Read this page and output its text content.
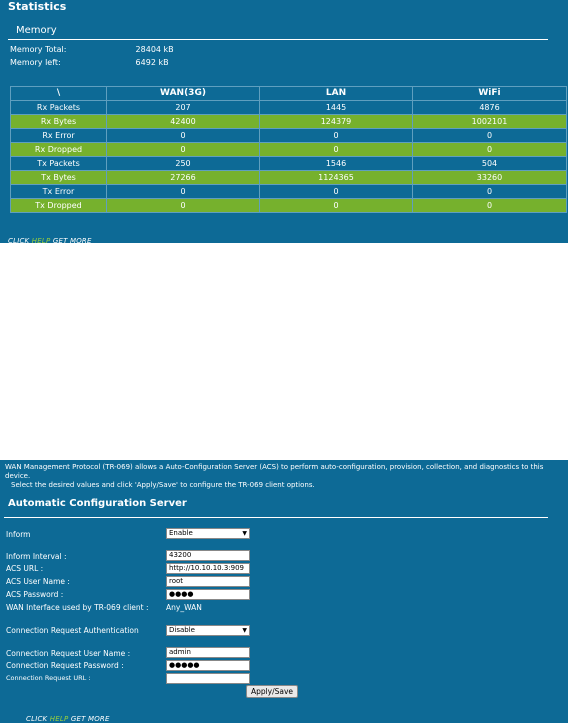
Statistics
Memory
Memory Total:	28404 kB
Memory left:	6492 kB
\	WAN(3G)	LAN	WiFi
Rx Packets	207	1445	4876
Rx Bytes	42400	124379	1002101
Rx Error	0	0	0
Rx Dropped	0	0	0
Tx Packets	250	1546	504
Tx Bytes	27266	1124365	33260
Tx Error	0	0	0
Tx Dropped	0	0	0
CLICK HELP GET MORE

WAN Management Protocol (TR-069) allows a Auto-Configuration Server (ACS) to perform auto-configuration, provision, collection, and diagnostics to this device.

Select the desired values and click 'Apply/Save' to configure the TR-069 client options.

Automatic Configuration Server
Inform	Enable	▼
Inform Interval :	43200
ACS URL :	http://10.10.10.3:909
ACS User Name :	root
ACS Password :	●●●●
WAN Interface used by TR-069 client : Any_WAN
Connection Request Authentication	Disable	▼
Connection Request User Name :	admin
Connection Request Password :	●●●●●
Connection Request URL :
Apply/Save
CLICK HELP GET MORE
